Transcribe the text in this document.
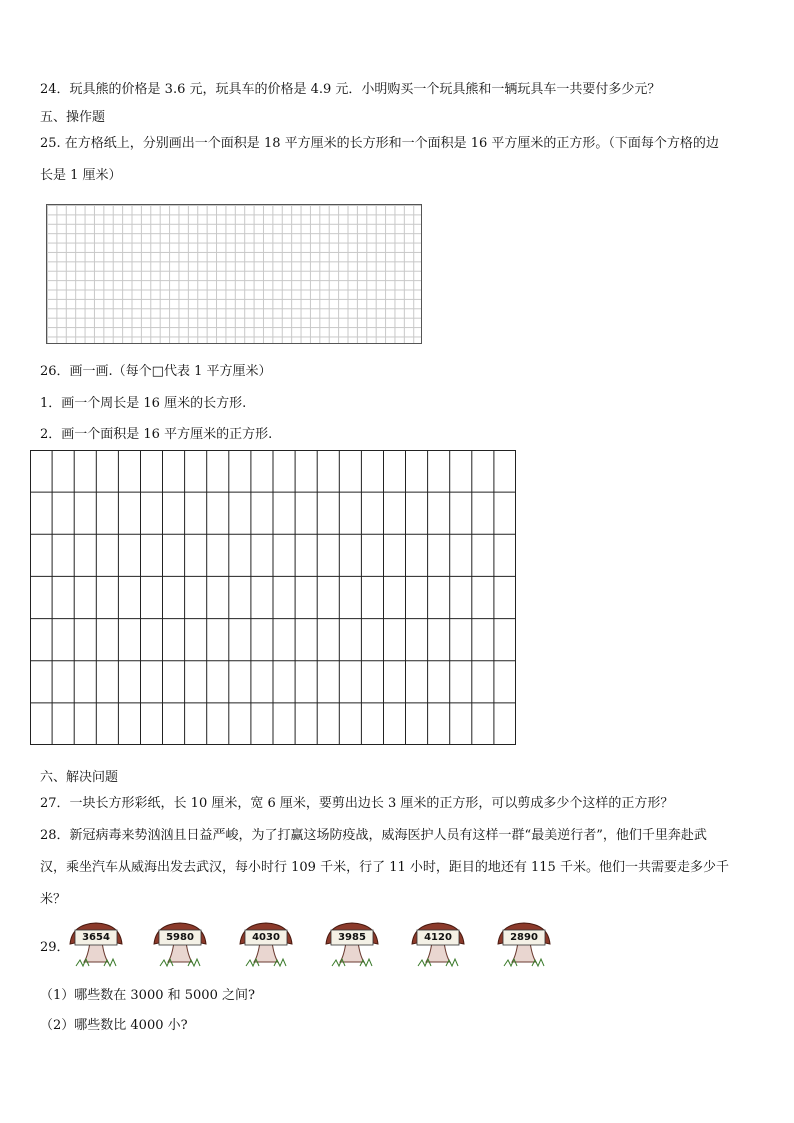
24．玩具熊的价格是 3.6 元，玩具车的价格是 4.9 元．小明购买一个玩具熊和一辆玩具车一共要付多少元？
五、操作题
25. 在方格纸上，分别画出一个面积是 18 平方厘米的长方形和一个面积是 16 平方厘米的正方形。（下面每个方格的边
长是 1 厘米）
26．画一画.（每个□代表 1 平方厘米）
1．画一个周长是 16 厘米的长方形.
2．画一个面积是 16 平方厘米的正方形.
六、解决问题
27．一块长方形彩纸，长 10 厘米，宽 6 厘米，要剪出边长 3 厘米的正方形，可以剪成多少个这样的正方形？
28．新冠病毒来势汹汹且日益严峻，为了打赢这场防疫战，威海医护人员有这样一群“最美逆行者”，他们千里奔赴武
汉，乘坐汽车从威海出发去武汉，每小时行 109 千米，行了 11 小时，距目的地还有 115 千米。他们一共需要走多少千
米？
29．
3654	5980	4030	3985	4120	2890
（1）哪些数在 3000 和 5000 之间?
（2）哪些数比 4000 小?
